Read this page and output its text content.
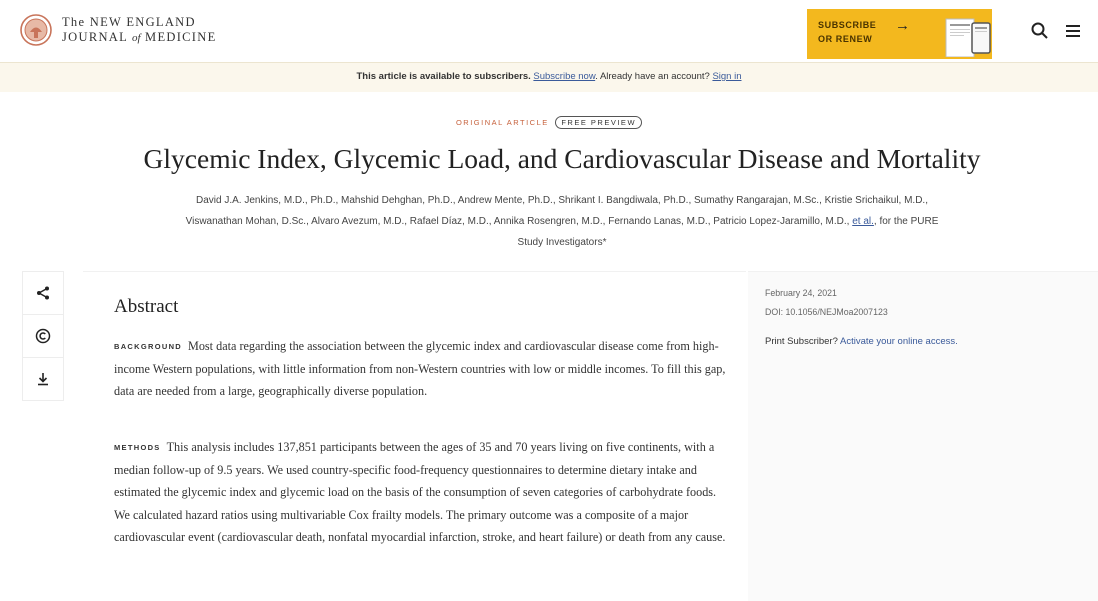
The NEW ENGLAND
JOURNAL of MEDICINE
SUBSCRIBE
OR RENEW
→
This article is available to subscribers. Subscribe now. Already have an account? Sign in
ORIGINAL ARTICLE FREE PREVIEW
Glycemic Index, Glycemic Load, and Cardiovascular Disease and Mortality
David J.A. Jenkins, M.D., Ph.D., Mahshid Dehghan, Ph.D., Andrew Mente, Ph.D., Shrikant I. Bangdiwala, Ph.D., Sumathy Rangarajan, M.Sc., Kristie Srichaikul, M.D.,
Viswanathan Mohan, D.Sc., Alvaro Avezum, M.D., Rafael Díaz, M.D., Annika Rosengren, M.D., Fernando Lanas, M.D., Patricio Lopez-Jaramillo, M.D., et al., for the PURE
Study Investigators*
Abstract
BACKGROUND Most data regarding the association between the glycemic index and cardiovascular disease come from high-income Western populations, with little information from non-Western countries with low or middle incomes. To fill this gap, data are needed from a large, geographically diverse population.
METHODS This analysis includes 137,851 participants between the ages of 35 and 70 years living on five continents, with a median follow-up of 9.5 years. We used country-specific food-frequency questionnaires to determine dietary intake and estimated the glycemic index and glycemic load on the basis of the consumption of seven categories of carbohydrate foods. We calculated hazard ratios using multivariable Cox frailty models. The primary outcome was a composite of a major cardiovascular event (cardiovascular death, nonfatal myocardial infarction, stroke, and heart failure) or death from any cause.
February 24, 2021
DOI: 10.1056/NEJMoa2007123
Print Subscriber? Activate your online access.
